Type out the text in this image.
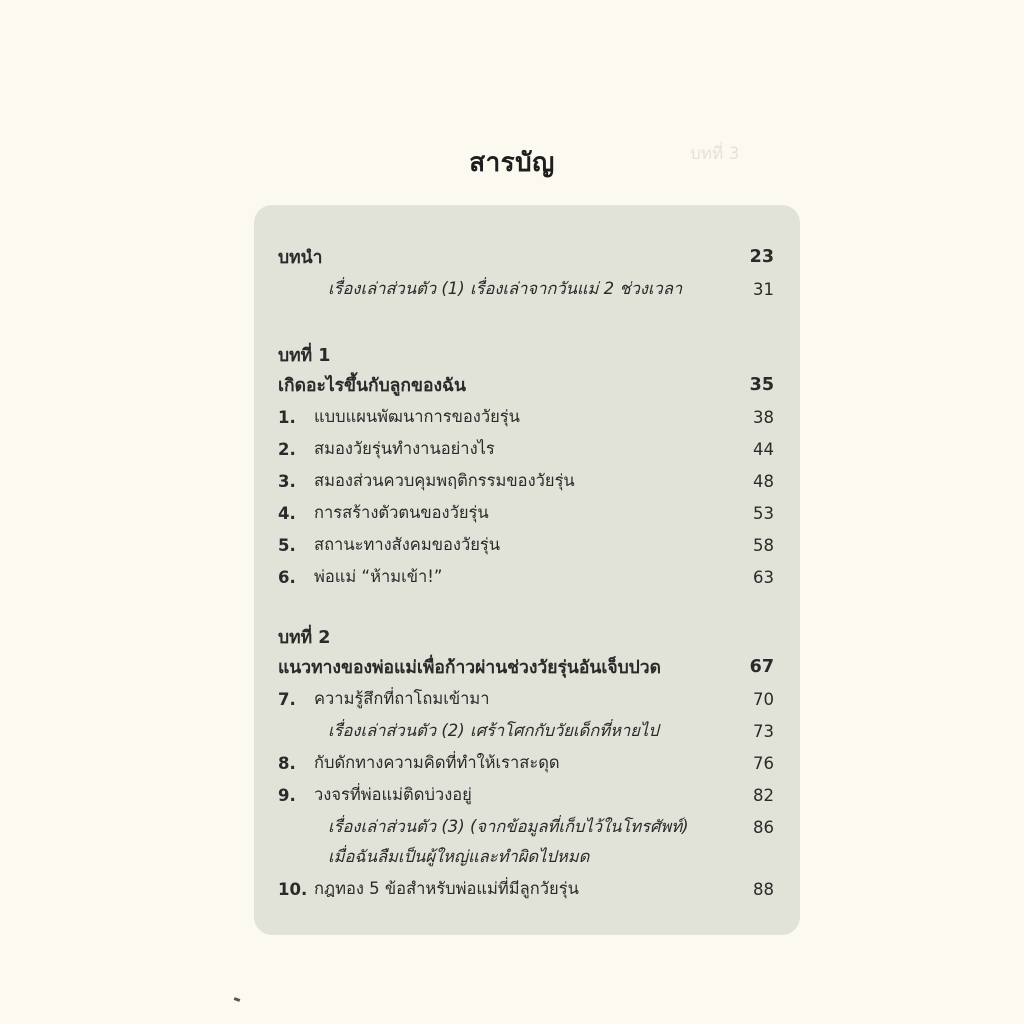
บทที่ 3

สารบัญ
บทนำ	23
เรื่องเล่าส่วนตัว (1) เรื่องเล่าจากวันแม่ 2 ช่วงเวลา	31
บทที่ 1
เกิดอะไรขึ้นกับลูกของฉัน	35
1.	แบบแผนพัฒนาการของวัยรุ่น	38
2.	สมองวัยรุ่นทำงานอย่างไร	44
3.	สมองส่วนควบคุมพฤติกรรมของวัยรุ่น	48
4.	การสร้างตัวตนของวัยรุ่น	53
5.	สถานะทางสังคมของวัยรุ่น	58
6.	พ่อแม่ “ห้ามเข้า!”	63
บทที่ 2
แนวทางของพ่อแม่เพื่อก้าวผ่านช่วงวัยรุ่นอันเจ็บปวด	67
7.	ความรู้สึกที่ถาโถมเข้ามา	70
เรื่องเล่าส่วนตัว (2) เศร้าโศกกับวัยเด็กที่หายไป	73
8.	กับดักทางความคิดที่ทำให้เราสะดุด	76
9.	วงจรที่พ่อแม่ติดบ่วงอยู่	82
เรื่องเล่าส่วนตัว (3) (จากข้อมูลที่เก็บไว้ในโทรศัพท์)	86
เมื่อฉันลืมเป็นผู้ใหญ่และทำผิดไปหมด
10. กฎทอง 5 ข้อสำหรับพ่อแม่ที่มีลูกวัยรุ่น	88
